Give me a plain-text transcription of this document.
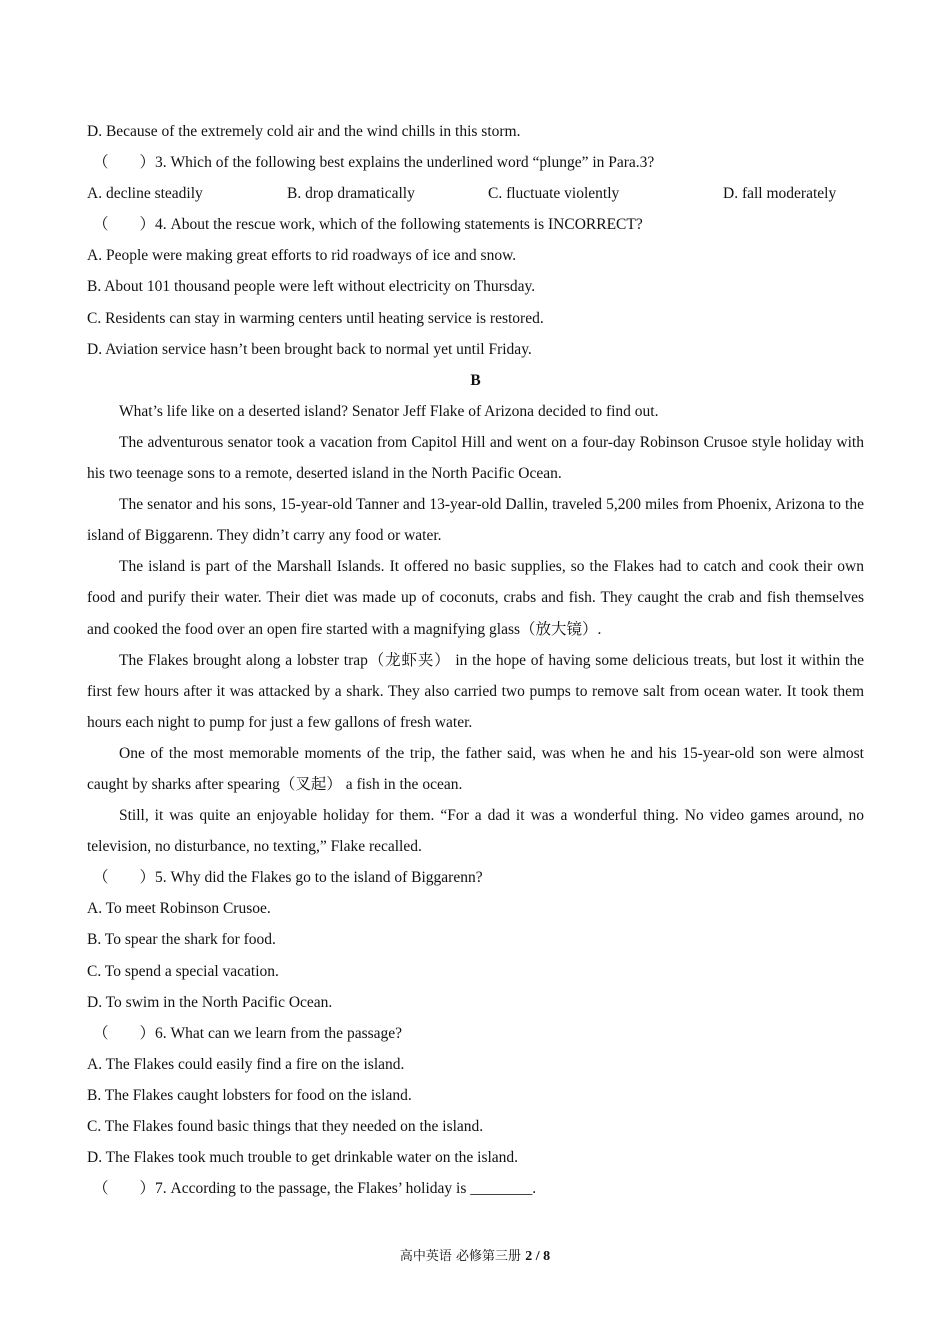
D. Because of the extremely cold air and the wind chills in this storm.
（　　）3. Which of the following best explains the underlined word “plunge” in Para.3?
A. decline steadily	B. drop dramatically	C. fluctuate violently	D. fall moderately
（　　）4. About the rescue work, which of the following statements is INCORRECT?
A. People were making great efforts to rid roadways of ice and snow.
B. About 101 thousand people were left without electricity on Thursday.
C. Residents can stay in warming centers until heating service is restored.
D. Aviation service hasn’t been brought back to normal yet until Friday.
B
What’s life like on a deserted island? Senator Jeff Flake of Arizona decided to find out.
The adventurous senator took a vacation from Capitol Hill and went on a four-day Robinson Crusoe style holiday with his two teenage sons to a remote, deserted island in the North Pacific Ocean.
The senator and his sons, 15-year-old Tanner and 13-year-old Dallin, traveled 5,200 miles from Phoenix, Arizona to the island of Biggarenn. They didn’t carry any food or water.
The island is part of the Marshall Islands. It offered no basic supplies, so the Flakes had to catch and cook their own food and purify their water. Their diet was made up of coconuts, crabs and fish. They caught the crab and fish themselves and cooked the food over an open fire started with a magnifying glass（放大镜）.
The Flakes brought along a lobster trap（龙虾夹） in the hope of having some delicious treats, but lost it within the first few hours after it was attacked by a shark. They also carried two pumps to remove salt from ocean water. It took them hours each night to pump for just a few gallons of fresh water.
One of the most memorable moments of the trip, the father said, was when he and his 15-year-old son were almost caught by sharks after spearing（叉起） a fish in the ocean.
Still, it was quite an enjoyable holiday for them. “For a dad it was a wonderful thing. No video games around, no television, no disturbance, no texting,” Flake recalled.
（　　）5. Why did the Flakes go to the island of Biggarenn?
A. To meet Robinson Crusoe.
B. To spear the shark for food.
C. To spend a special vacation.
D. To swim in the North Pacific Ocean.
（　　）6. What can we learn from the passage?
A. The Flakes could easily find a fire on the island.
B. The Flakes caught lobsters for food on the island.
C. The Flakes found basic things that they needed on the island.
D. The Flakes took much trouble to get drinkable water on the island.
（　　）7. According to the passage, the Flakes’ holiday is ________.
高中英语 必修第三册 2 / 8
